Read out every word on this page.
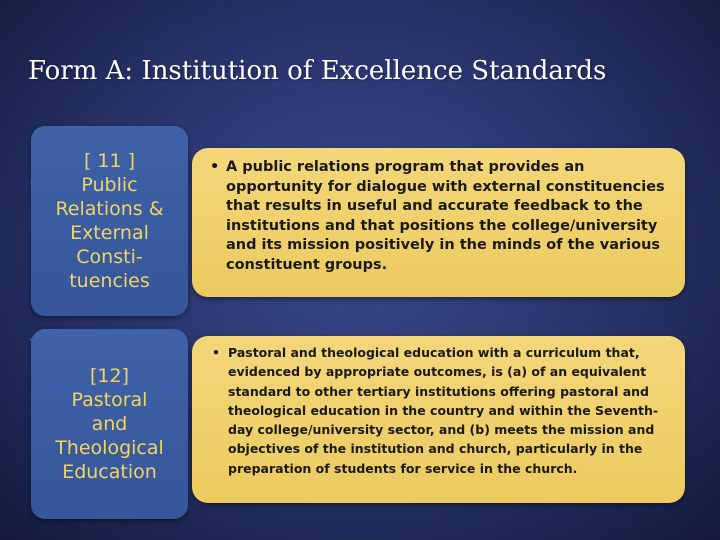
Form A: Institution of Excellence Standards
[ 11 ]
Public
Relations &
External
Consti-
tuencies
• A public relations program that provides an opportunity for dialogue with external constituencies that results in useful and accurate feedback to the institutions and that positions the college/university and its mission positively in the minds of the various constituent groups.
[12]
Pastoral
and
Theological
Education
• Pastoral and theological education with a curriculum that, evidenced by appropriate outcomes, is (a) of an equivalent standard to other tertiary institutions offering pastoral and theological education in the country and within the Seventh-day college/university sector, and (b) meets the mission and objectives of the institution and church, particularly in the preparation of students for service in the church.
